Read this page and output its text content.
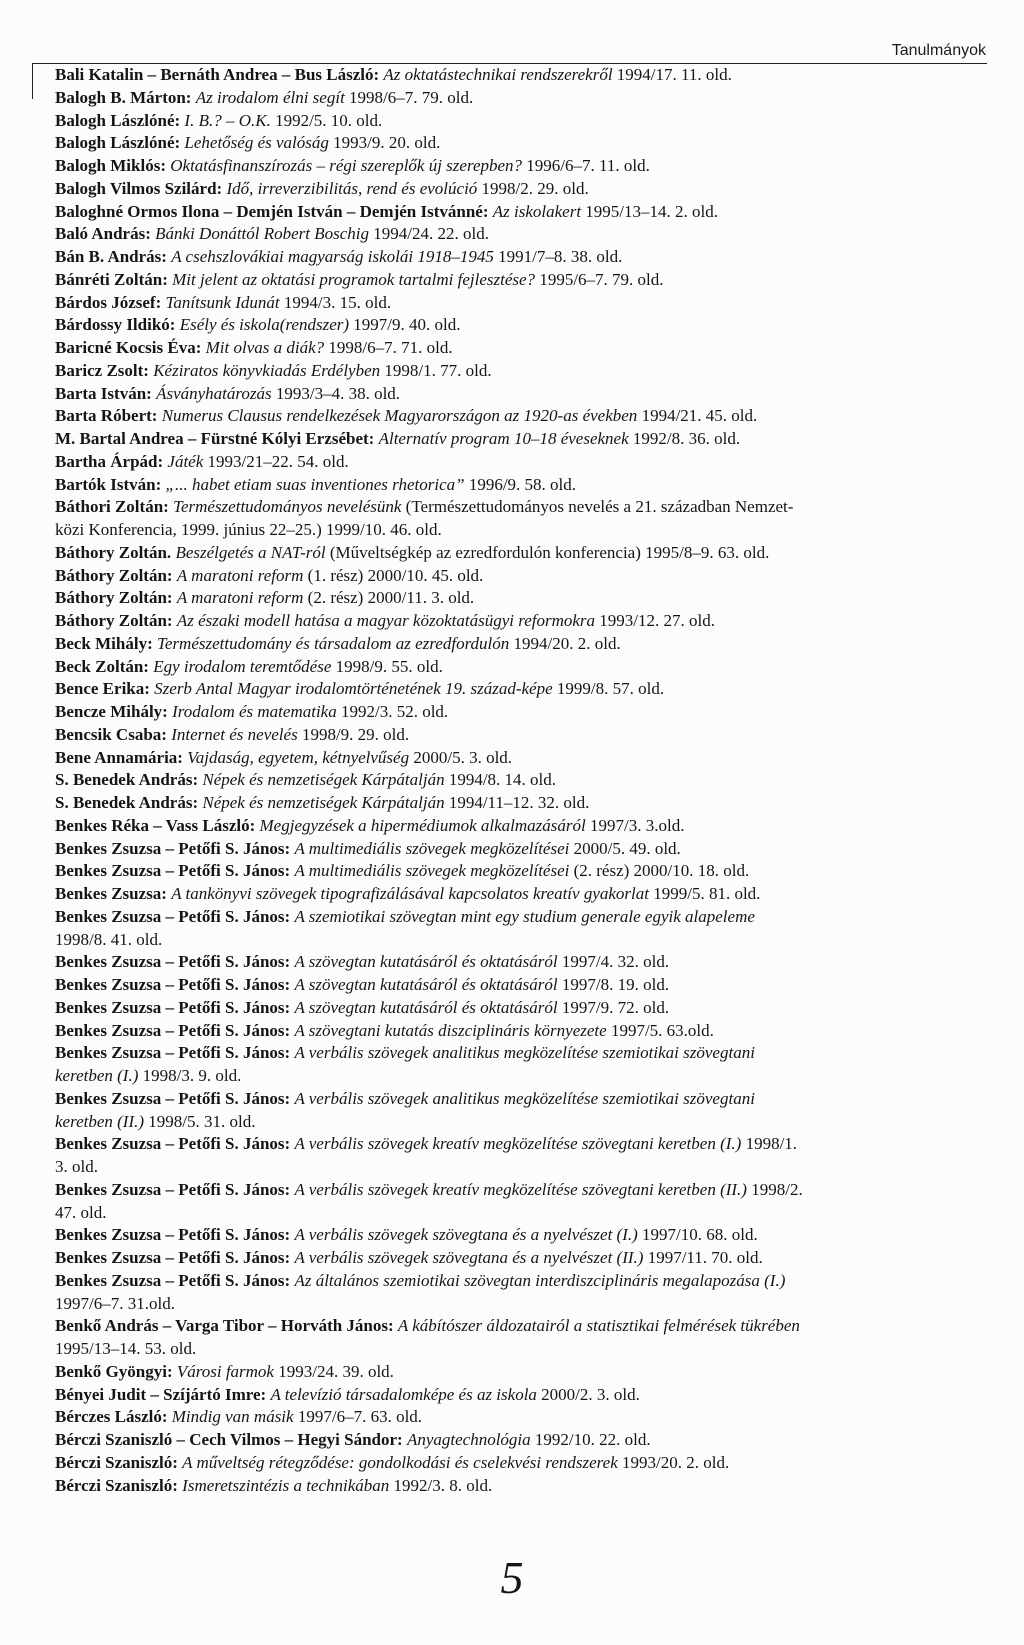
Tanulmányok

Bali Katalin – Bernáth Andrea – Bus László: Az oktatástechnikai rendszerekről 1994/17. 11. old.

Balogh B. Márton: Az irodalom élni segít 1998/6–7. 79. old.

Balogh Lászlóné: I. B.? – O.K. 1992/5. 10. old.

Balogh Lászlóné: Lehetőség és valóság 1993/9. 20. old.

Balogh Miklós: Oktatásfinanszírozás – régi szereplők új szerepben? 1996/6–7. 11. old.

Balogh Vilmos Szilárd: Idő, irreverzibilitás, rend és evolúció 1998/2. 29. old.

Baloghné Ormos Ilona – Demjén István – Demjén Istvánné: Az iskolakert 1995/13–14. 2. old.

Baló András: Bánki Donáttól Robert Boschig 1994/24. 22. old.

Bán B. András: A csehszlovákiai magyarság iskolái 1918–1945 1991/7–8. 38. old.

Bánréti Zoltán: Mit jelent az oktatási programok tartalmi fejlesztése? 1995/6–7. 79. old.

Bárdos József: Tanítsunk Idunát 1994/3. 15. old.

Bárdossy Ildikó: Esély és iskola(rendszer) 1997/9. 40. old.

Baricné Kocsis Éva: Mit olvas a diák? 1998/6–7. 71. old.

Baricz Zsolt: Kéziratos könyvkiadás Erdélyben 1998/1. 77. old.

Barta István: Ásványhatározás 1993/3–4. 38. old.

Barta Róbert: Numerus Clausus rendelkezések Magyarországon az 1920-as években 1994/21. 45. old.

M. Bartal Andrea – Fürstné Kólyi Erzsébet: Alternatív program 10–18 éveseknek 1992/8. 36. old.

Bartha Árpád: Játék 1993/21–22. 54. old.

Bartók István: „... habet etiam suas inventiones rhetorica” 1996/9. 58. old.

Báthori Zoltán: Természettudományos nevelésünk (Természettudományos nevelés a 21. században Nemzet-
közi Konferencia, 1999. június 22–25.) 1999/10. 46. old.

Báthory Zoltán. Beszélgetés a NAT-ról (Műveltségkép az ezredfordulón konferencia) 1995/8–9. 63. old.

Báthory Zoltán: A maratoni reform (1. rész) 2000/10. 45. old.

Báthory Zoltán: A maratoni reform (2. rész) 2000/11. 3. old.

Báthory Zoltán: Az északi modell hatása a magyar közoktatásügyi reformokra 1993/12. 27. old.

Beck Mihály: Természettudomány és társadalom az ezredfordulón 1994/20. 2. old.

Beck Zoltán: Egy irodalom teremtődése 1998/9. 55. old.

Bence Erika: Szerb Antal Magyar irodalomtörténetének 19. század-képe 1999/8. 57. old.

Bencze Mihály: Irodalom és matematika 1992/3. 52. old.

Bencsik Csaba: Internet és nevelés 1998/9. 29. old.

Bene Annamária: Vajdaság, egyetem, kétnyelvűség 2000/5. 3. old.

S. Benedek András: Népek és nemzetiségek Kárpátalján 1994/8. 14. old.

S. Benedek András: Népek és nemzetiségek Kárpátalján 1994/11–12. 32. old.

Benkes Réka – Vass László: Megjegyzések a hipermédiumok alkalmazásáról 1997/3. 3.old.

Benkes Zsuzsa – Petőfi S. János: A multimediális szövegek megközelítései 2000/5. 49. old.

Benkes Zsuzsa – Petőfi S. János: A multimediális szövegek megközelítései (2. rész) 2000/10. 18. old.

Benkes Zsuzsa: A tankönyvi szövegek tipografizálásával kapcsolatos kreatív gyakorlat 1999/5. 81. old.

Benkes Zsuzsa – Petőfi S. János: A szemiotikai szövegtan mint egy studium generale egyik alapeleme
1998/8. 41. old.

Benkes Zsuzsa – Petőfi S. János: A szövegtan kutatásáról és oktatásáról 1997/4. 32. old.

Benkes Zsuzsa – Petőfi S. János: A szövegtan kutatásáról és oktatásáról 1997/8. 19. old.

Benkes Zsuzsa – Petőfi S. János: A szövegtan kutatásáról és oktatásáról 1997/9. 72. old.

Benkes Zsuzsa – Petőfi S. János: A szövegtani kutatás diszciplináris környezete 1997/5. 63.old.

Benkes Zsuzsa – Petőfi S. János: A verbális szövegek analitikus megközelítése szemiotikai szövegtani
keretben (I.) 1998/3. 9. old.

Benkes Zsuzsa – Petőfi S. János: A verbális szövegek analitikus megközelítése szemiotikai szövegtani
keretben (II.) 1998/5. 31. old.

Benkes Zsuzsa – Petőfi S. János: A verbális szövegek kreatív megközelítése szövegtani keretben (I.) 1998/1.
3. old.

Benkes Zsuzsa – Petőfi S. János: A verbális szövegek kreatív megközelítése szövegtani keretben (II.) 1998/2.
47. old.

Benkes Zsuzsa – Petőfi S. János: A verbális szövegek szövegtana és a nyelvészet (I.) 1997/10. 68. old.

Benkes Zsuzsa – Petőfi S. János: A verbális szövegek szövegtana és a nyelvészet (II.) 1997/11. 70. old.

Benkes Zsuzsa – Petőfi S. János: Az általános szemiotikai szövegtan interdiszciplináris megalapozása (I.)
1997/6–7. 31.old.

Benkő András – Varga Tibor – Horváth János: A kábítószer áldozatairól a statisztikai felmérések tükrében
1995/13–14. 53. old.

Benkő Gyöngyi: Városi farmok 1993/24. 39. old.

Bényei Judit – Szíjártó Imre: A televízió társadalomképe és az iskola 2000/2. 3. old.

Bérczes László: Mindig van másik 1997/6–7. 63. old.

Bérczi Szaniszló – Cech Vilmos – Hegyi Sándor: Anyagtechnológia 1992/10. 22. old.

Bérczi Szaniszló: A műveltség rétegződése: gondolkodási és cselekvési rendszerek 1993/20. 2. old.

Bérczi Szaniszló: Ismeretszintézis a technikában 1992/3. 8. old.

5
